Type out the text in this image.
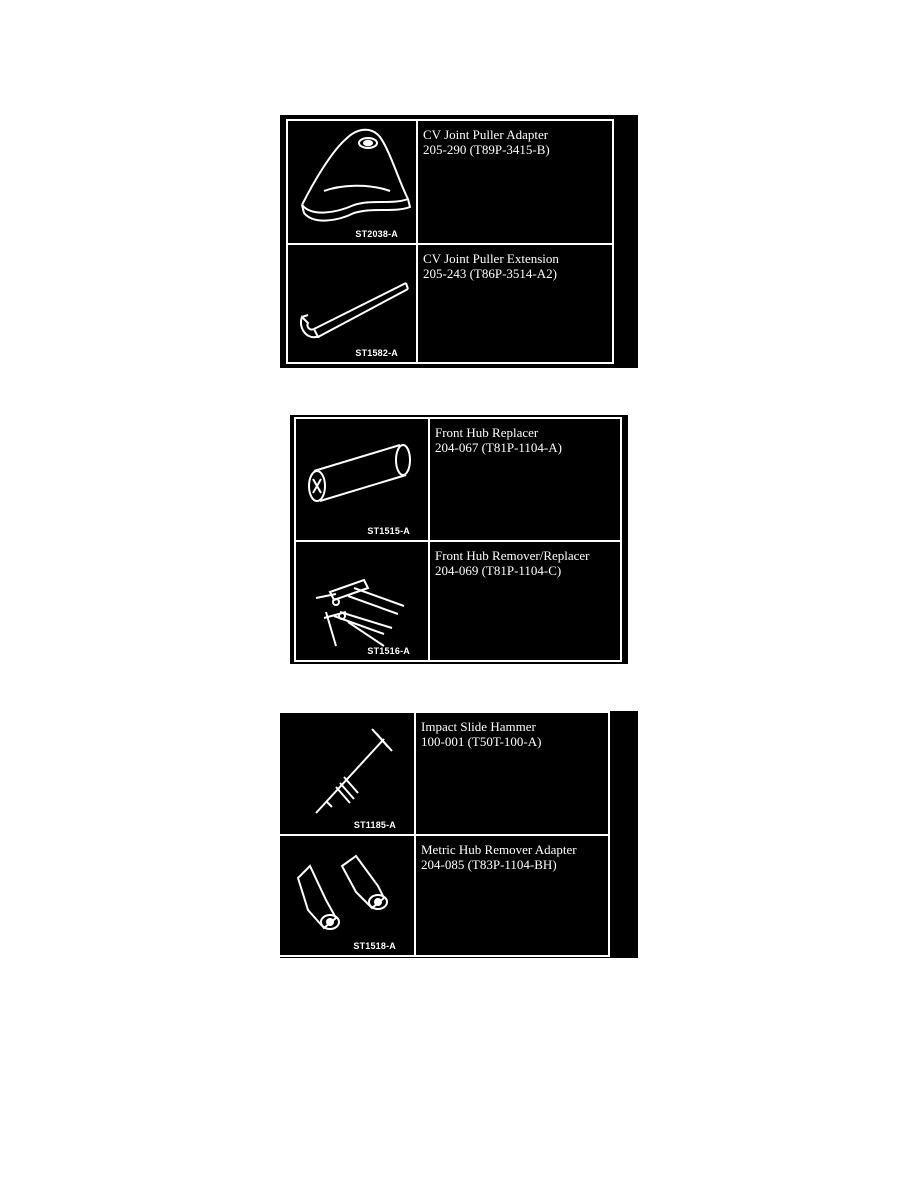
ST2038-A
CV Joint Puller Adapter
205-290 (T89P-3415-B)
ST1582-A
CV Joint Puller Extension
205-243 (T86P-3514-A2)
ST1515-A
Front Hub Replacer
204-067 (T81P-1104-A)
ST1516-A
Front Hub Remover/Replacer
204-069 (T81P-1104-C)
ST1185-A
Impact Slide Hammer
100-001 (T50T-100-A)
ST1518-A
Metric Hub Remover Adapter
204-085 (T83P-1104-BH)
